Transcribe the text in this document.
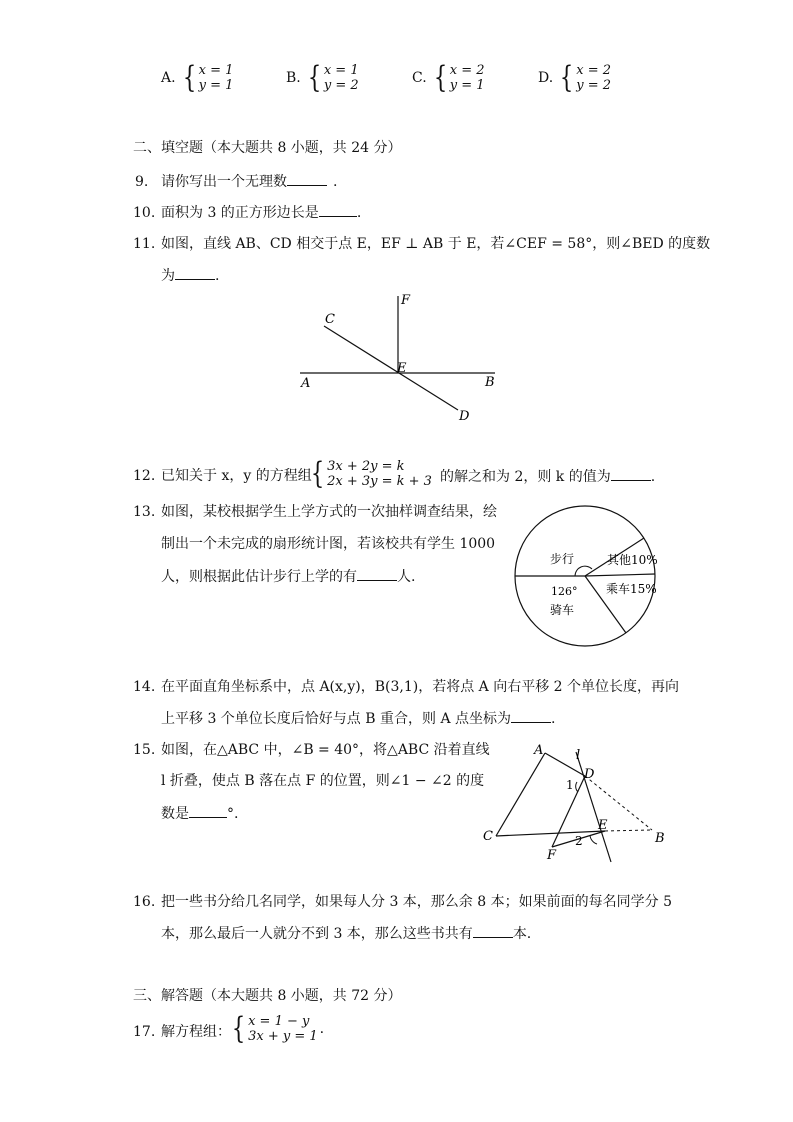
A. { x = 1
y = 1	B. { x = 1
y = 2	C. { x = 2
y = 1	D. { x = 2
y = 2
二、填空题（本大题共 8 小题，共 24 分）
9. 请你写出一个无理数	.
10. 面积为 3 的正方形边长是	.
11. 如图，直线 AB、CD 相交于点 E，EF ⊥ AB 于 E，若∠CEF = 58°，则∠BED 的度数
为	.
A	B
C
D
E
F
12. 已知关于 x，y 的方程组 { 3x + 2y = k
2x + 3y = k + 3 的解之和为 2，则 k 的值为	.
13. 如图，某校根据学生上学方式的一次抽样调查结果，绘
制出一个未完成的扇形统计图，若该校共有学生 1000
人，则根据此估计步行上学的有	人.
步行	其他10%
乘车15%
126°
骑车
14. 在平面直角坐标系中，点 A(x,y)，B(3,1)，若将点 A 向右平移 2 个单位长度，再向
上平移 3 个单位长度后恰好与点 B 重合，则 A 点坐标为	.
15. 如图，在△ABC 中，∠B = 40°，将△ABC 沿着直线
l 折叠，使点 B 落在点 F 的位置，则∠1 − ∠2 的度
数是	°.
A
B
C
D
E
F
l
1
2
16. 把一些书分给几名同学，如果每人分 3 本，那么余 8 本；如果前面的每名同学分 5
本，那么最后一人就分不到 3 本，那么这些书共有	本.
三、解答题（本大题共 8 小题，共 72 分）
17. 解方程组： { x = 1 − y
3x + y = 1 .
